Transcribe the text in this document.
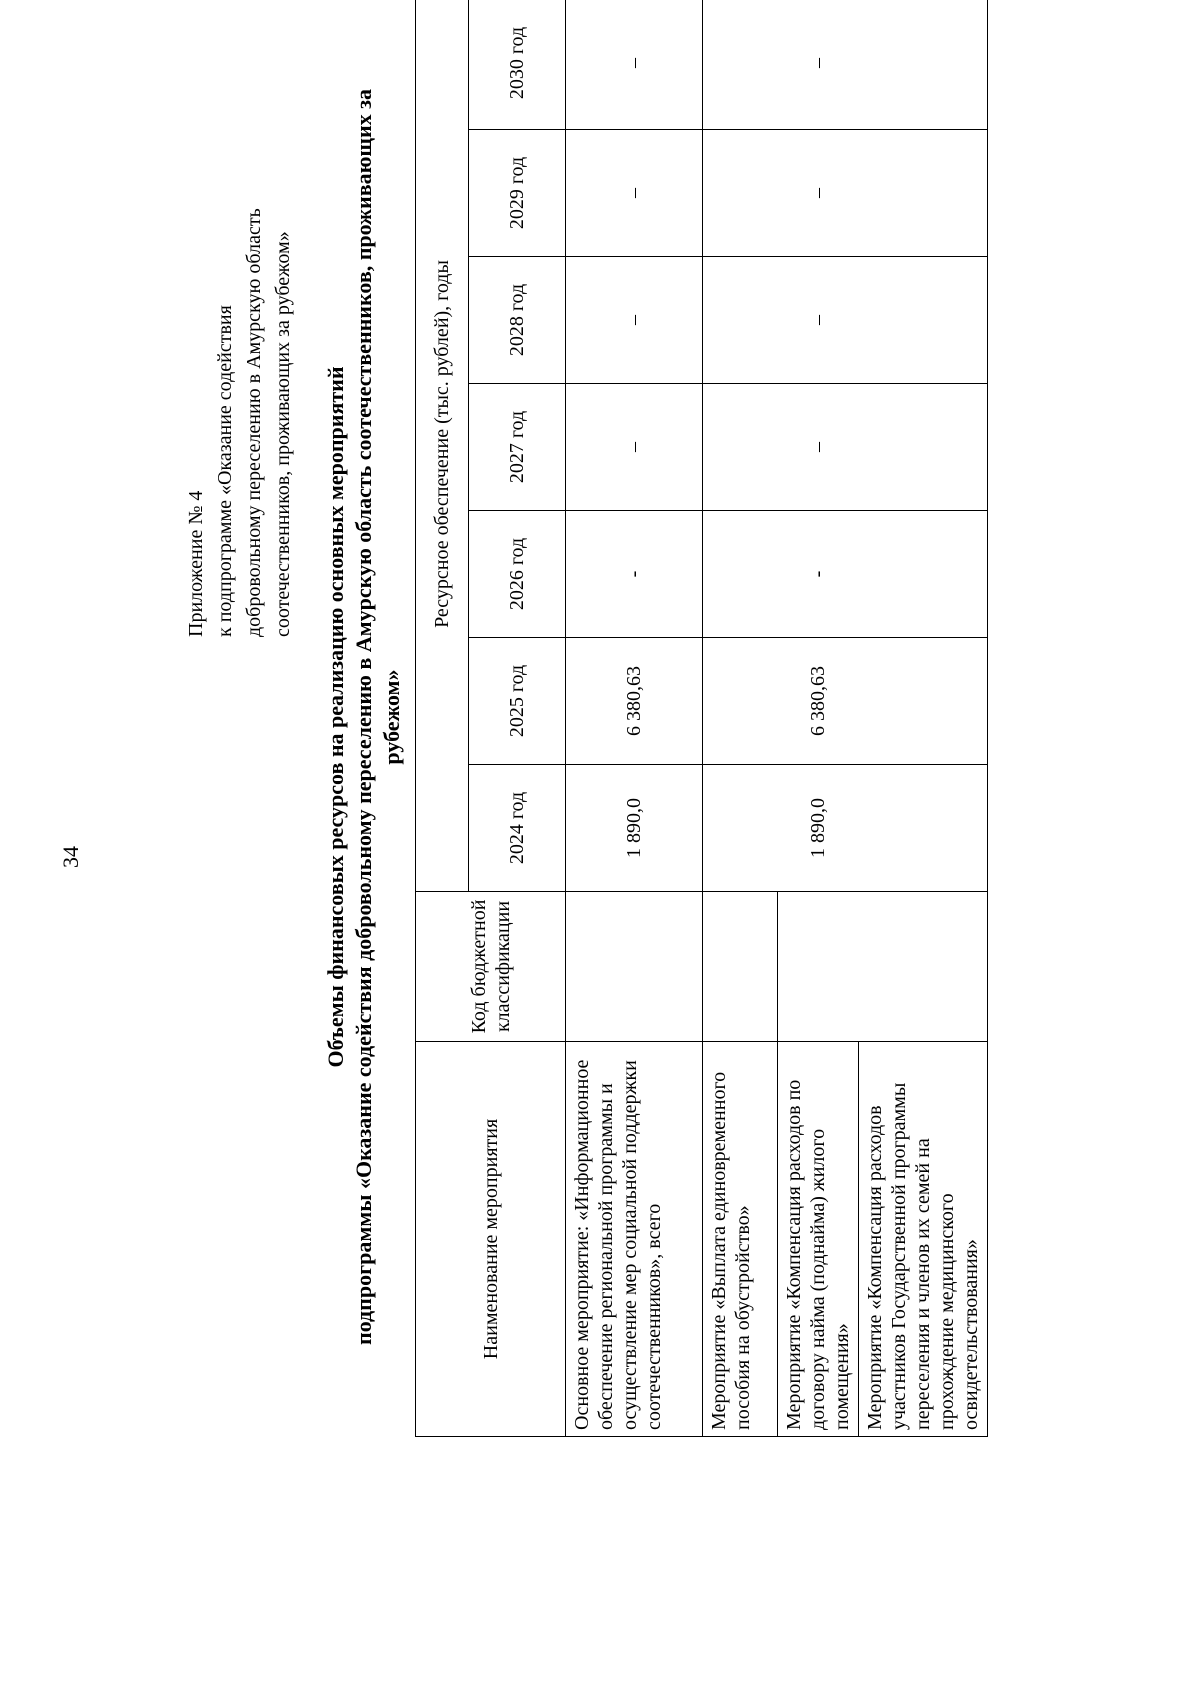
34
Приложение № 4 к подпрограмме «Оказание содействия добровольному переселению в Амурскую область соотечественников, проживающих за рубежом» Объемы финансовых ресурсов на реализацию основных мероприятий подпрограммы «Оказание содействия добровольному переселению в Амурскую область соотечественников, проживающих за рубежом»
Наименование мероприятия	Код бюджетной классификации	Ресурсное обеспечение (тыс. рублей), годы						
		2024 год	2025 год	2026 год	2027 год	2028 год	2029 год	2030 год
Основное мероприятие: «Информационное обеспечение региональной программы и осуществление мер социальной поддержки соотечественников», всего		1 890,0	6 380,63	-	–	–	–	–
Мероприятие «Выплата единовременного пособия на обустройство»								
Мероприятие «Компенсация расходов по договору найма (поднайма) жилого помещения»		1 890,0	6 380,63	-	–	–	–	–
Мероприятие «Компенсация расходов участников Государственной программы переселения и членов их семей на прохождение медицинского освидетельствования»								
